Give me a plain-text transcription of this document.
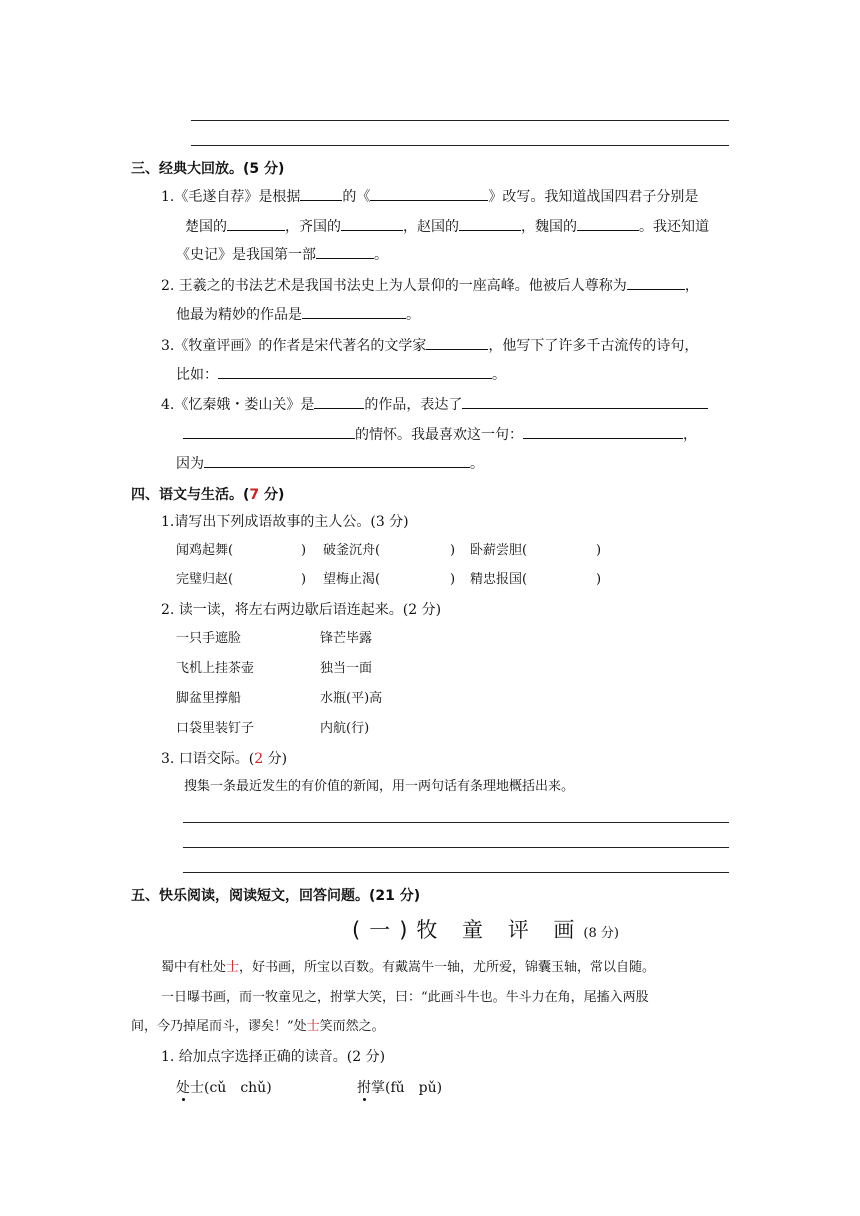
三、经典大回放。(5 分)
1.《毛遂自荐》是根据	的《	》改写。我知道战国四君子分别是
楚国的	，齐国的	，赵国的	，魏国的	。我还知道
《史记》是我国第一部	。
2. 王羲之的书法艺术是我国书法史上为人景仰的一座高峰。他被后人尊称为	，
他最为精妙的作品是	。
3.《牧童评画》的作者是宋代著名的文学家	，他写下了许多千古流传的诗句，
比如：	。
4.《忆秦娥・娄山关》是	的作品，表达了
的情怀。我最喜欢这一句：	，
因为	。
四、语文与生活。(7 分)
1.请写出下列成语故事的主人公。(3 分)
闻鸡起舞(	) 破釜沉舟(	) 卧薪尝胆(	)
完璧归赵(	) 望梅止渴(	) 精忠报国(	)
2. 读一读，将左右两边歇后语连起来。(2 分)
一只手遮脸	锋芒毕露
飞机上挂茶壶	独当一面
脚盆里撑船	水瓶(平)高
口袋里装钉子	内航(行)
3. 口语交际。(2 分)
搜集一条最近发生的有价值的新闻，用一两句话有条理地概括出来。
五、快乐阅读，阅读短文，回答问题。(21 分)
(一)牧 童 评 画(8 分)
蜀中有杜处士，好书画，所宝以百数。有戴嵩牛一轴，尤所爱，锦囊玉轴，常以自随。
一日曝书画，而一牧童见之，拊掌大笑，曰：“此画斗牛也。牛斗力在角，尾搐入两股
间，今乃掉尾而斗，谬矣！”处士笑而然之。
1. 给加点字选择正确的读音。(2 分)
处士(cǔ　chǔ)	拊掌(fǔ　pǔ)
